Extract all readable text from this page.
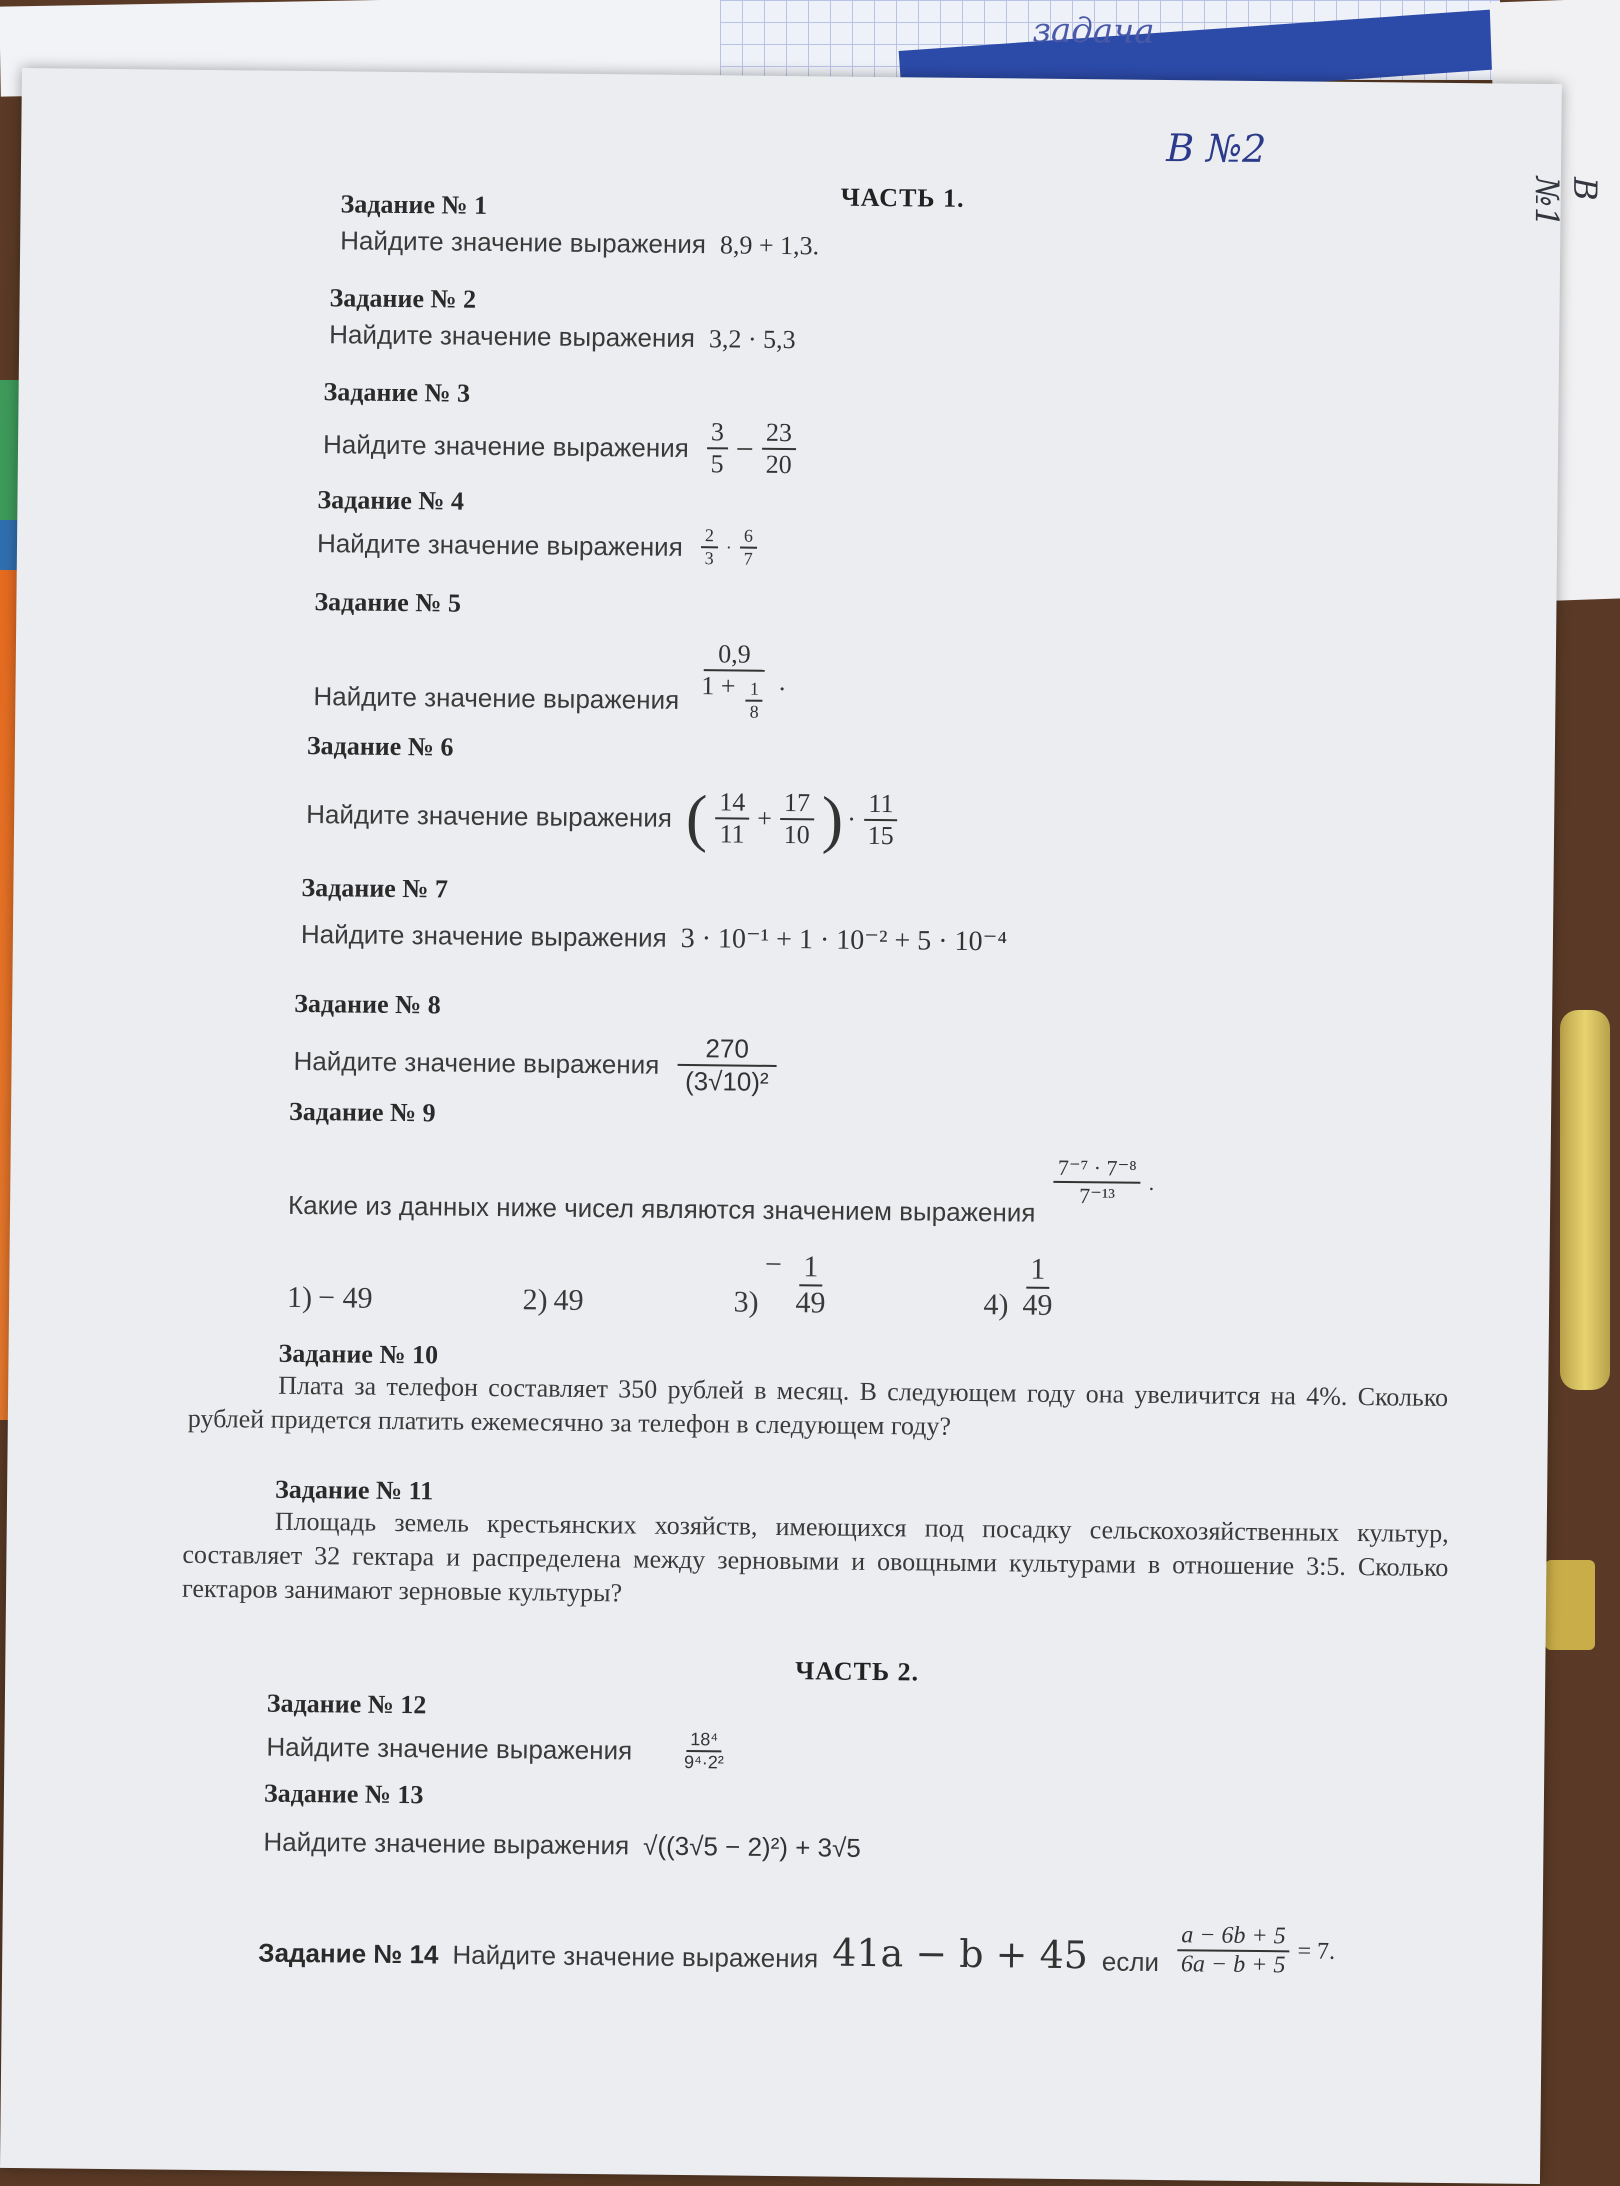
задача
B №2
B №1
ЧАСТЬ 1.
Задание № 1
Найдите значение выражения 8,9 + 1,3.
Задание № 2
Найдите значение выражения 3,2 · 5,3
Задание № 3
Найдите значение выражения $\frac{3}{5} - \frac{23}{20}$
Задание № 4
Найдите значение выражения $\frac{2}{3} \cdot \frac{6}{7}$
Задание № 5
Найдите значение выражения $\frac{0,9}{1 + \frac{1}{8}}$ .
Задание № 6
Найдите значение выражения ( $\frac{14}{11} + \frac{17}{10}$ ) · $\frac{11}{15}$
Задание № 7
Найдите значение выражения 3 · 10⁻¹ + 1 · 10⁻² + 5 · 10⁻⁴
Задание № 8
Найдите значение выражения $\frac{270}{\text{(3√10)²}}$
Задание № 9
Какие из данных ниже чисел являются значением выражения $\frac{\text{7⁻⁷ · 7⁻⁸}}{\text{7⁻¹³}}$ .
1) − 49	2) 49	3)
− $\frac{1}{49}$	$4) \frac{1}{49}$
Задание № 10
Плата за телефон составляет 350 рублей в месяц. В следующем году она увеличится на 4%. Сколько рублей придется платить ежемесячно за телефон в следующем году?
Задание № 11
Площадь земель крестьянских хозяйств, имеющихся под посадку сельскохозяйственных культур, составляет 32 гектара и распределена между зерновыми и овощными культурами в отношение 3:5. Сколько гектаров занимают зерновые культуры?
ЧАСТЬ 2.
Задание № 12
Найдите значение выражения	$\frac{\text{18⁴}}{\text{9⁴·2²}}$
Задание № 13
Найдите значение выражения √((3√5 − 2)²) + 3√5
Задание № 14 Найдите значение выражения 41a − b + 45 если $\frac{a - 6b + 5}{6a - b + 5} = 7$.
